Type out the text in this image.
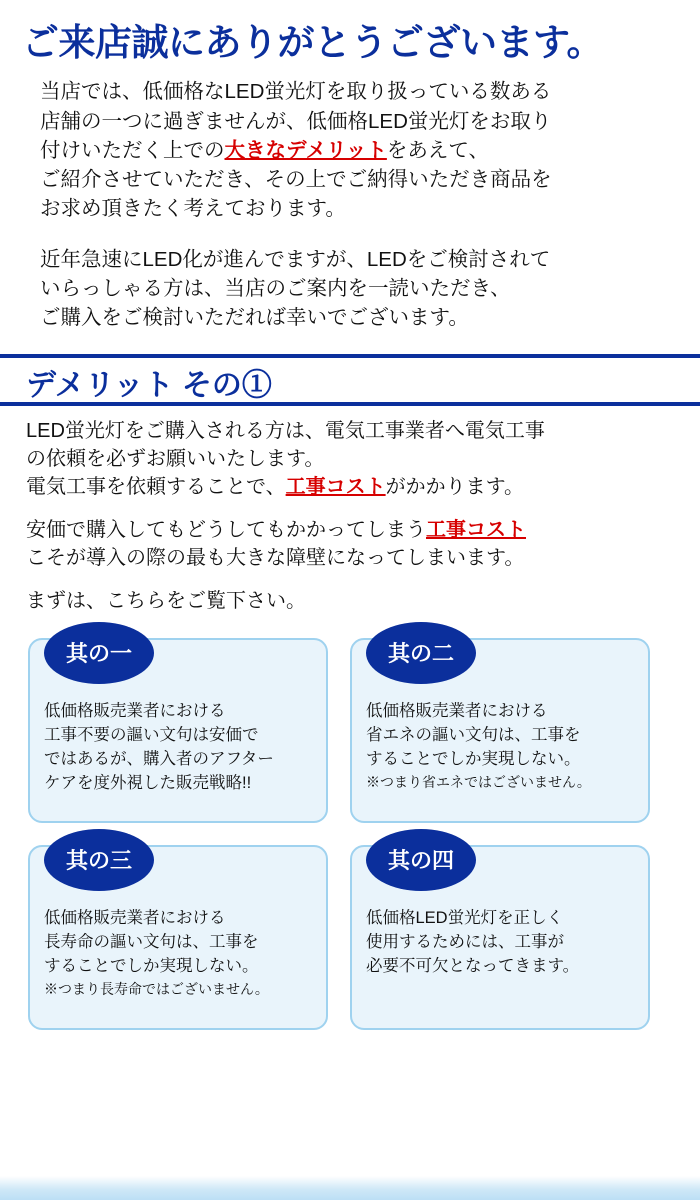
ご来店誠にありがとうございます。

当店では、低価格なLED蛍光灯を取り扱っている数ある

店舗の一つに過ぎませんが、低価格LED蛍光灯をお取り

付けいただく上での大きなデメリットをあえて、

ご紹介させていただき、その上でご納得いただき商品を

お求め頂きたく考えております。

近年急速にLED化が進んでますが、LEDをご検討されて

いらっしゃる方は、当店のご案内を一読いただき、

ご購入をご検討いただれば幸いでございます。

デメリット その①

LED蛍光灯をご購入される方は、電気工事業者へ電気工事

の依頼を必ずお願いいたします。

電気工事を依頼することで、工事コストがかかります。

安価で購入してもどうしてもかかってしまう工事コスト

こそが導入の際の最も大きな障壁になってしまいます。

まずは、こちらをご覧下さい。

其の一
低価格販売業者における
工事不要の謳い文句は安価で
ではあるが、購入者のアフター
ケアを度外視した販売戦略!!
其の二
低価格販売業者における
省エネの謳い文句は、工事を
することでしか実現しない。
※つまり省エネではございません。
其の三
低価格販売業者における
長寿命の謳い文句は、工事を
することでしか実現しない。
※つまり長寿命ではございません。
其の四
低価格LED蛍光灯を正しく
使用するためには、工事が
必要不可欠となってきます。
